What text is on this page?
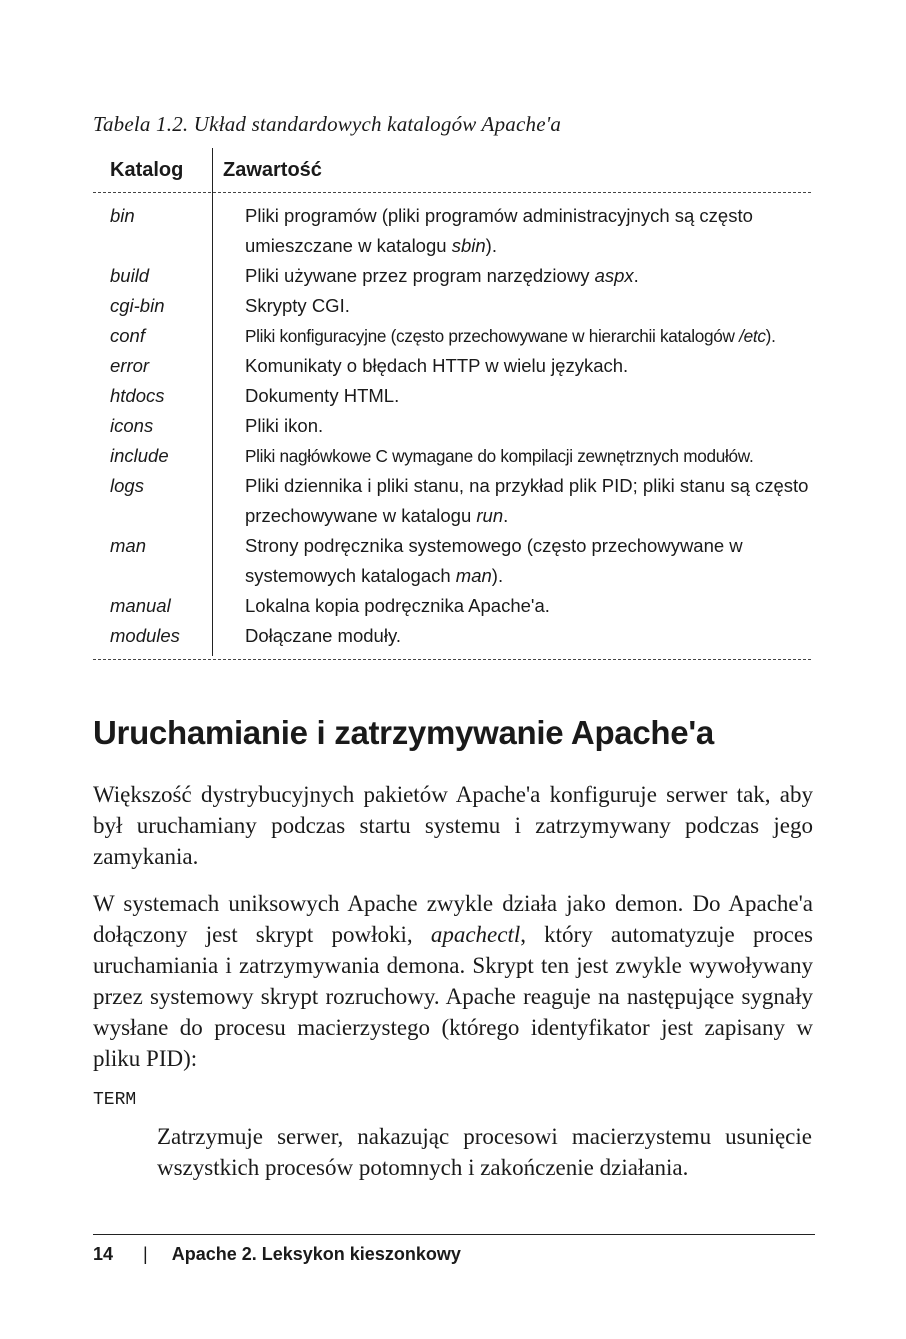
Tabela 1.2. Układ standardowych katalogów Apache'a
Katalog	Zawartość
bin	Pliki programów (pliki programów administracyjnych są często umieszczane w katalogu sbin).
build	Pliki używane przez program narzędziowy aspx.
cgi-bin	Skrypty CGI.
conf	Pliki konfiguracyjne (często przechowywane w hierarchii katalogów /etc).
error	Komunikaty o błędach HTTP w wielu językach.
htdocs	Dokumenty HTML.
icons	Pliki ikon.
include	Pliki nagłówkowe C wymagane do kompilacji zewnętrznych modułów.
logs	Pliki dziennika i pliki stanu, na przykład plik PID; pliki stanu są często przechowywane w katalogu run.
man	Strony podręcznika systemowego (często przechowywane w systemowych katalogach man).
manual	Lokalna kopia podręcznika Apache'a.
modules	Dołączane moduły.
Uruchamianie i zatrzymywanie Apache'a

Większość dystrybucyjnych pakietów Apache'a konfiguruje serwer tak, aby był uruchamiany podczas startu systemu i zatrzymywany podczas jego zamykania.

W systemach uniksowych Apache zwykle działa jako demon. Do Apache'a dołączony jest skrypt powłoki, apachectl, który automatyzuje proces uruchamiania i zatrzymywania demona. Skrypt ten jest zwykle wywoływany przez systemowy skrypt rozruchowy. Apache reaguje na następujące sygnały wysłane do procesu macierzystego (którego identyfikator jest zapisany w pliku PID):

TERM

Zatrzymuje serwer, nakazując procesowi macierzystemu usunięcie wszystkich procesów potomnych i zakończenie działania.

14 | Apache 2. Leksykon kieszonkowy
